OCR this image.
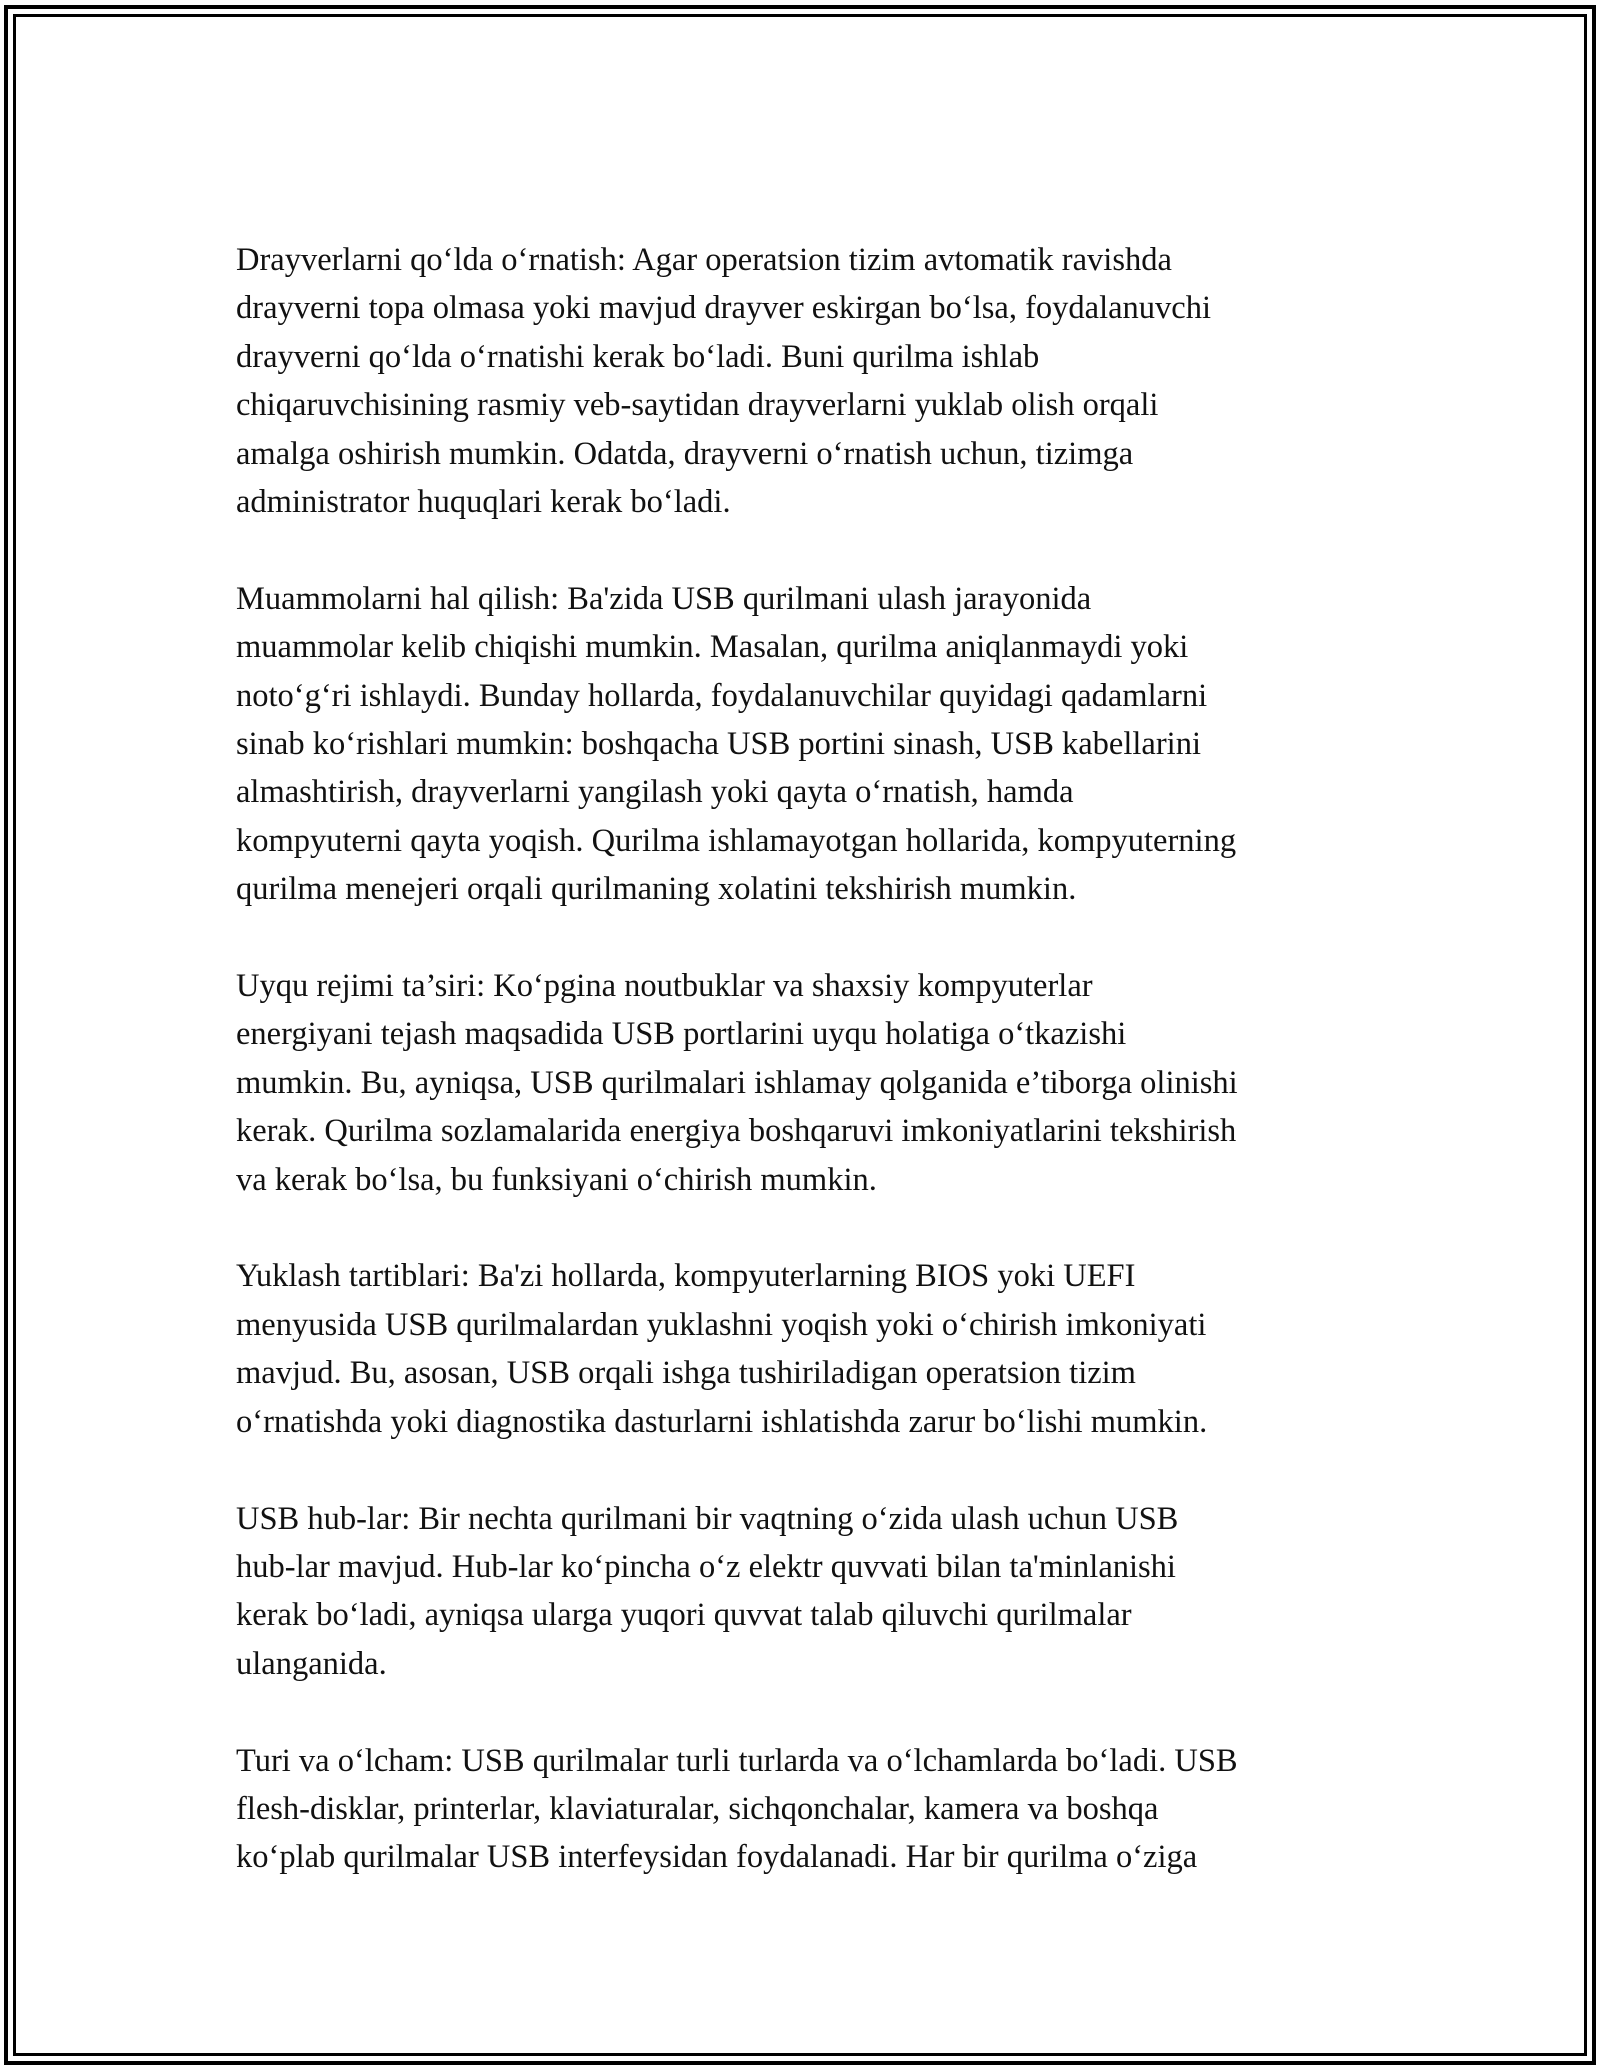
Drayverlarni qo‘lda o‘rnatish: Agar operatsion tizim avtomatik ravishda
drayverni topa olmasa yoki mavjud drayver eskirgan bo‘lsa, foydalanuvchi
drayverni qo‘lda o‘rnatishi kerak bo‘ladi. Buni qurilma ishlab
chiqaruvchisining rasmiy veb-saytidan drayverlarni yuklab olish orqali
amalga oshirish mumkin. Odatda, drayverni o‘rnatish uchun, tizimga
administrator huquqlari kerak bo‘ladi.

Muammolarni hal qilish: Ba'zida USB qurilmani ulash jarayonida
muammolar kelib chiqishi mumkin. Masalan, qurilma aniqlanmaydi yoki
noto‘g‘ri ishlaydi. Bunday hollarda, foydalanuvchilar quyidagi qadamlarni
sinab ko‘rishlari mumkin: boshqacha USB portini sinash, USB kabellarini
almashtirish, drayverlarni yangilash yoki qayta o‘rnatish, hamda
kompyuterni qayta yoqish. Qurilma ishlamayotgan hollarida, kompyuterning
qurilma menejeri orqali qurilmaning xolatini tekshirish mumkin.

Uyqu rejimi ta’siri: Ko‘pgina noutbuklar va shaxsiy kompyuterlar
energiyani tejash maqsadida USB portlarini uyqu holatiga o‘tkazishi
mumkin. Bu, ayniqsa, USB qurilmalari ishlamay qolganida e’tiborga olinishi
kerak. Qurilma sozlamalarida energiya boshqaruvi imkoniyatlarini tekshirish
va kerak bo‘lsa, bu funksiyani o‘chirish mumkin.

Yuklash tartiblari: Ba'zi hollarda, kompyuterlarning BIOS yoki UEFI
menyusida USB qurilmalardan yuklashni yoqish yoki o‘chirish imkoniyati
mavjud. Bu, asosan, USB orqali ishga tushiriladigan operatsion tizim
o‘rnatishda yoki diagnostika dasturlarni ishlatishda zarur bo‘lishi mumkin.

USB hub-lar: Bir nechta qurilmani bir vaqtning o‘zida ulash uchun USB
hub-lar mavjud. Hub-lar ko‘pincha o‘z elektr quvvati bilan ta'minlanishi
kerak bo‘ladi, ayniqsa ularga yuqori quvvat talab qiluvchi qurilmalar
ulanganida.

Turi va o‘lcham: USB qurilmalar turli turlarda va o‘lchamlarda bo‘ladi. USB
flesh-disklar, printerlar, klaviaturalar, sichqonchalar, kamera va boshqa
ko‘plab qurilmalar USB interfeysidan foydalanadi. Har bir qurilma o‘ziga
